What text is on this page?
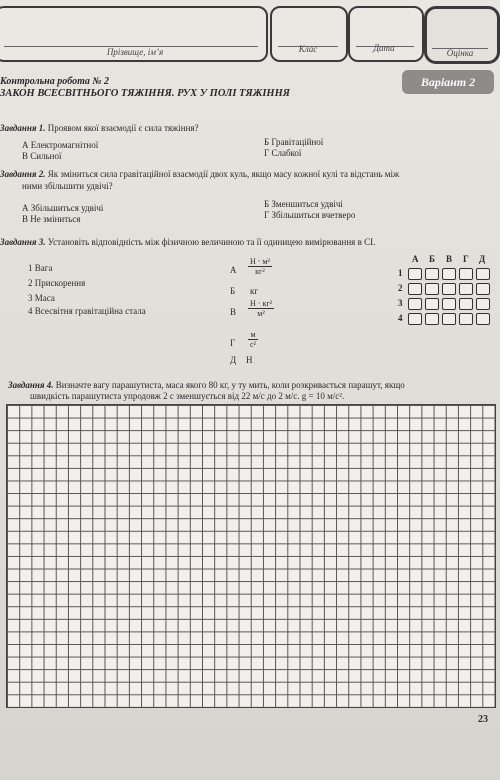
Прізвище, ім’я	Клас	Дата	Оцінка
Контрольна робота № 2
ЗАКОН ВСЕСВІТНЬОГО ТЯЖІННЯ. РУХ У ПОЛІ ТЯЖІННЯ
Варіант 2
Завдання 1. Проявом якої взаємодії є сила тяжіння?
А Електромагнітної
В Сильної
Б Гравітаційної
Г Слабкої
Завдання 2. Як зміниться сила гравітаційної взаємодії двох куль, якщо масу кожної кулі та відстань між
ними збільшити удвічі?
А Збільшиться удвічі
В Не зміниться
Б Зменшиться удвічі
Г Збільшиться вчетверо
Завдання 3. Установіть відповідність між фізичною величиною та її одиницею вимірювання в СІ.
1 Вага
2 Прискорення
3 Маса
4 Всесвітня гравітаційна стала
А
Н · м²
кг²
Б кг
В
Н · кг²
м²
Г
м
с²
Д Н
А Б В Г Д
1
2
3
4
Завдання 4. Визначте вагу парашутиста, маса якого 80 кг, у ту мить, коли розкривається парашут, якщо
швидкість парашутиста упродовж 2 с зменшується від 22 м/с до 2 м/с. g = 10 м/с².
23
